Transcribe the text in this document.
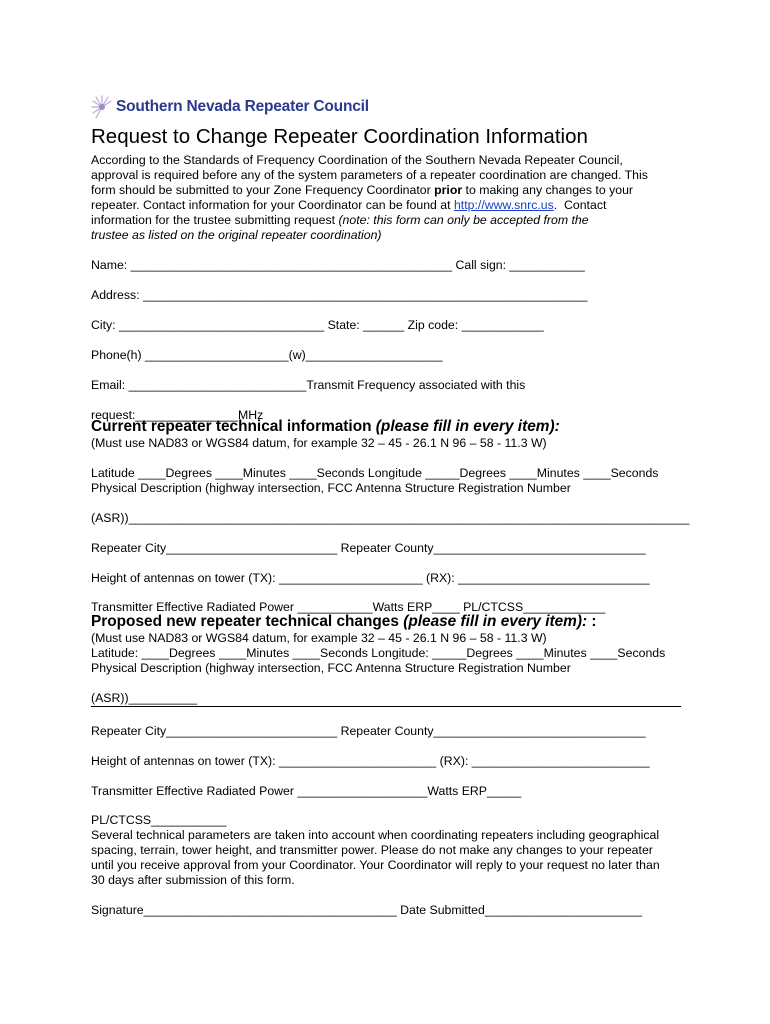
Southern Nevada Repeater Council
Request to Change Repeater Coordination Information
According to the Standards of Frequency Coordination of the Southern Nevada Repeater Council,
approval is required before any of the system parameters of a repeater coordination are changed. This
form should be submitted to your Zone Frequency Coordinator prior to making any changes to your
repeater. Contact information for your Coordinator can be found at http://www.snrc.us.  Contact
information for the trustee submitting request (note: this form can only be accepted from the
trustee as listed on the original repeater coordination)
Name: _______________________________________________ Call sign: ___________
Address: _________________________________________________________________
City: ______________________________ State: ______ Zip code: ____________
Phone(h) _____________________(w)____________________
Email: __________________________Transmit Frequency associated with this
request:_______________MHz
Current repeater technical information (please fill in every item):
(Must use NAD83 or WGS84 datum, for example 32 – 45 - 26.1 N 96 – 58 - 11.3 W)
Latitude ____Degrees ____Minutes ____Seconds Longitude _____Degrees ____Minutes ____Seconds
Physical Description (highway intersection, FCC Antenna Structure Registration Number
(ASR))__________________________________________________________________________________
Repeater City_________________________ Repeater County_______________________________
Height of antennas on tower (TX): _____________________ (RX): ____________________________
Transmitter Effective Radiated Power ___________Watts ERP____ PL/CTCSS____________
Proposed new repeater technical changes (please fill in every item): :
(Must use NAD83 or WGS84 datum, for example 32 – 45 - 26.1 N 96 – 58 - 11.3 W)
Latitude: ____Degrees ____Minutes ____Seconds Longitude: _____Degrees ____Minutes ____Seconds
Physical Description (highway intersection, FCC Antenna Structure Registration Number
(ASR))__________
Repeater City_________________________ Repeater County_______________________________
Height of antennas on tower (TX): _______________________ (RX): __________________________
Transmitter Effective Radiated Power ___________________Watts ERP_____
PL/CTCSS___________
Several technical parameters are taken into account when coordinating repeaters including geographical
spacing, terrain, tower height, and transmitter power. Please do not make any changes to your repeater
until you receive approval from your Coordinator. Your Coordinator will reply to your request no later than
30 days after submission of this form.
Signature_____________________________________ Date Submitted_______________________
